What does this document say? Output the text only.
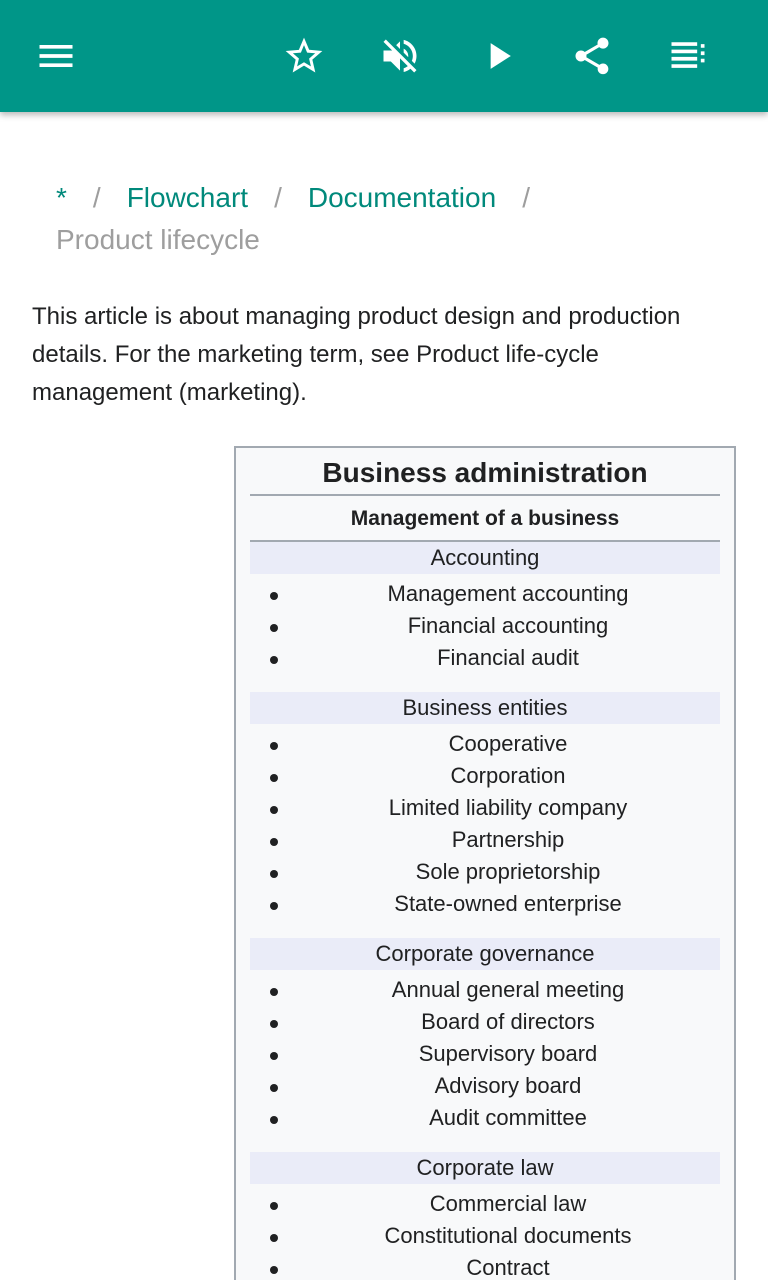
* / Flowchart / Documentation /
Product lifecycle

This article is about managing product design and production details. For the marketing term, see Product life-cycle management (marketing).

Business administration
Management of a business
Accounting
Management accounting
Financial accounting
Financial audit
Business entities
Cooperative
Corporation
Limited liability company
Partnership
Sole proprietorship
State-owned enterprise
Corporate governance
Annual general meeting
Board of directors
Supervisory board
Advisory board
Audit committee
Corporate law
Commercial law
Constitutional documents
Contract
